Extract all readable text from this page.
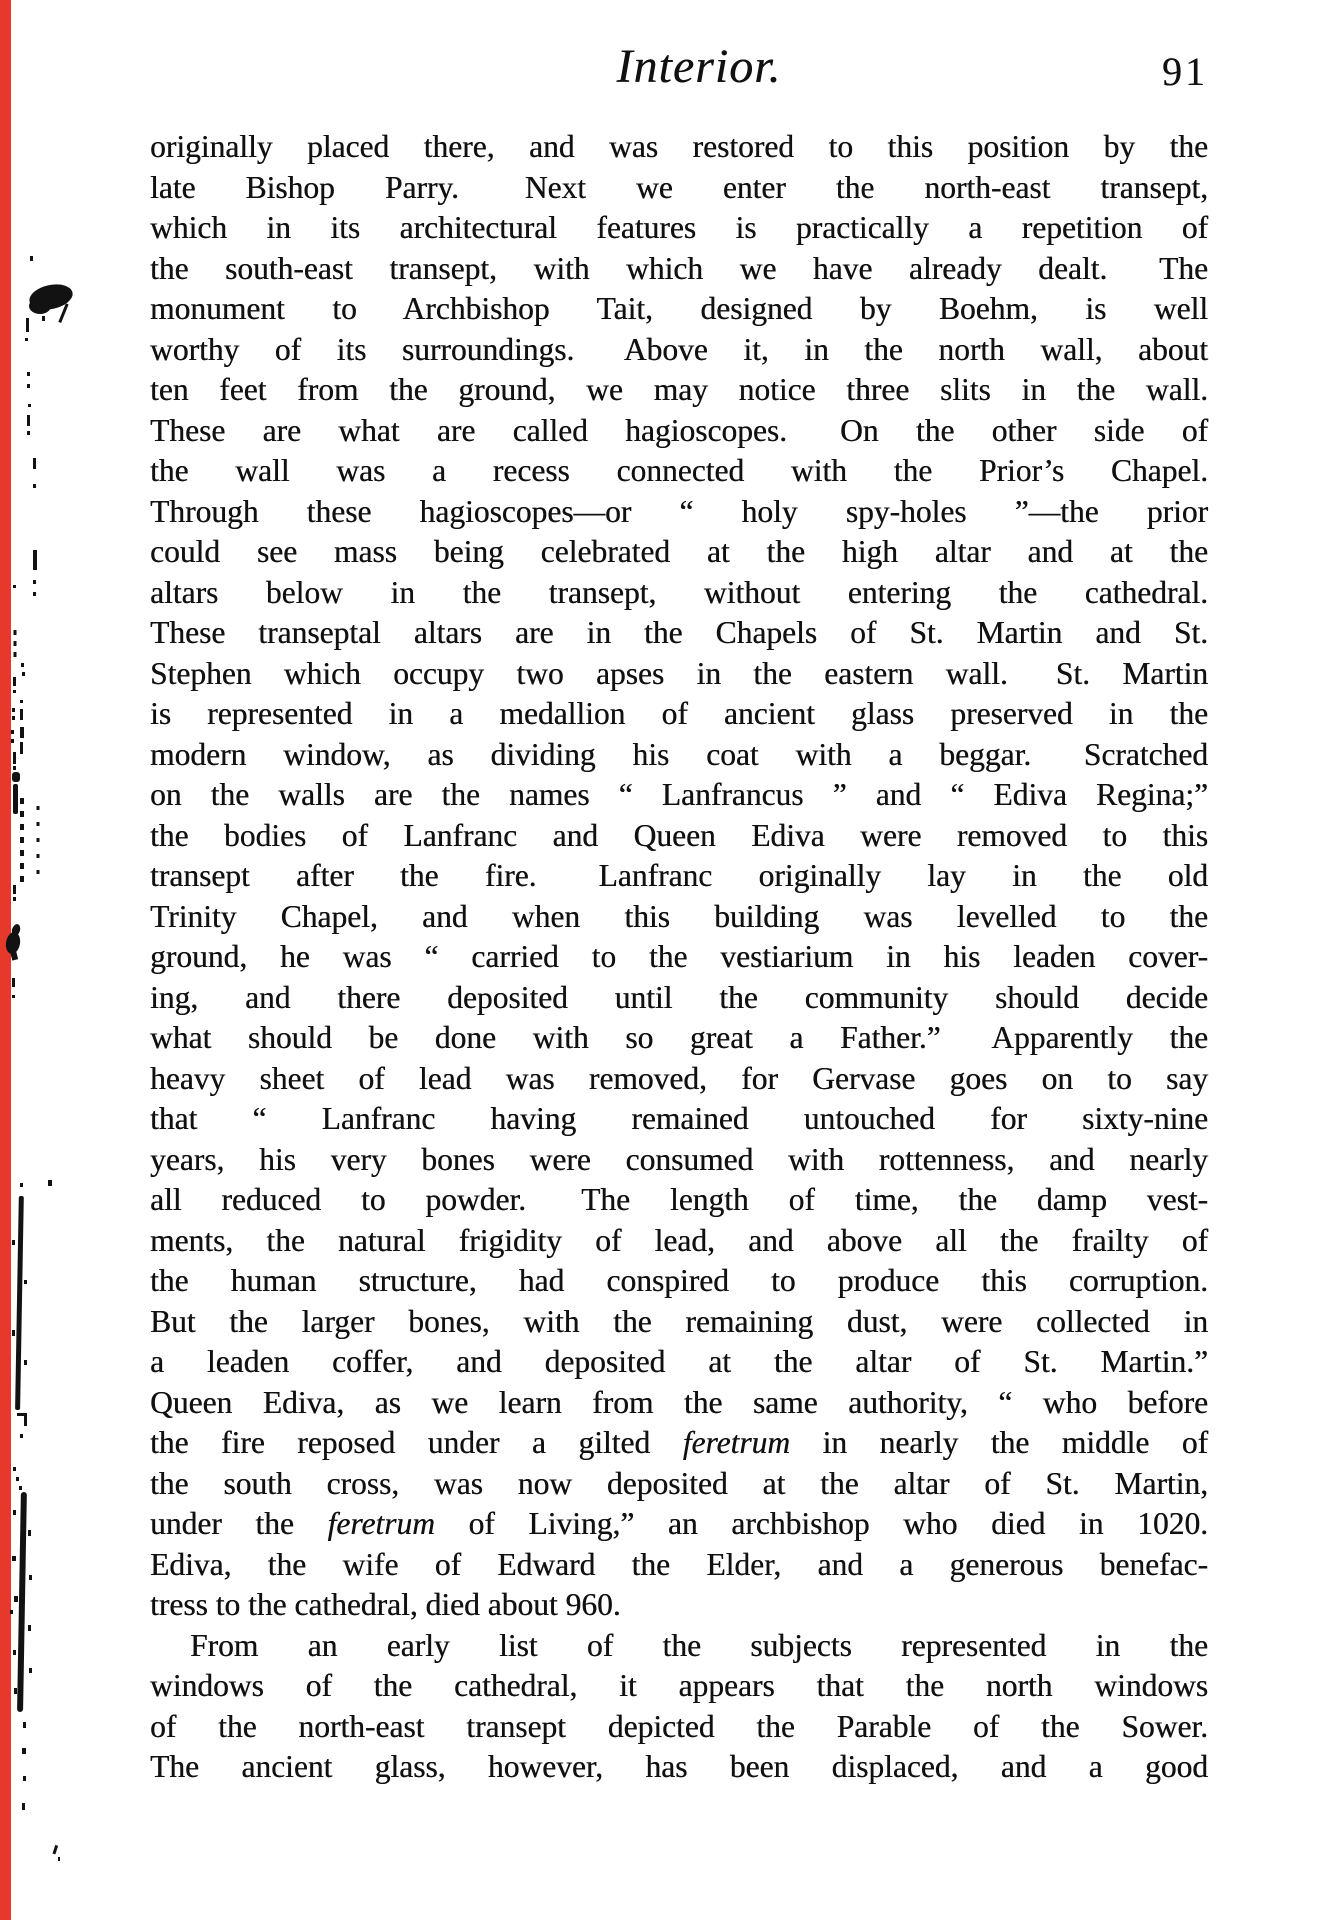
Interior.	91

originally placed there, and was restored to this position by the

late Bishop Parry.  Next we enter the north-east transept,

which in its architectural features is practically a repetition of

the south-east transept, with which we have already dealt.  The

monument to Archbishop Tait, designed by Boehm, is well

worthy of its surroundings.  Above it, in the north wall, about

ten feet from the ground, we may notice three slits in the wall.

These are what are called hagioscopes.  On the other side of

the wall was a recess connected with the Prior’s Chapel.

Through these hagioscopes—or “ holy spy-holes ”—the prior

could see mass being celebrated at the high altar and at the

altars below in the transept, without entering the cathedral.

These transeptal altars are in the Chapels of St. Martin and St.

Stephen which occupy two apses in the eastern wall.  St. Martin

is represented in a medallion of ancient glass preserved in the

modern window, as dividing his coat with a beggar.  Scratched

on the walls are the names “ Lanfrancus ” and “ Ediva Regina;”

the bodies of Lanfranc and Queen Ediva were removed to this

transept after the fire.  Lanfranc originally lay in the old

Trinity Chapel, and when this building was levelled to the

ground, he was “ carried to the vestiarium in his leaden cover-

ing, and there deposited until the community should decide

what should be done with so great a Father.”  Apparently the

heavy sheet of lead was removed, for Gervase goes on to say

that “ Lanfranc having remained untouched for sixty-nine

years, his very bones were consumed with rottenness, and nearly

all reduced to powder.  The length of time, the damp vest-

ments, the natural frigidity of lead, and above all the frailty of

the human structure, had conspired to produce this corruption.

But the larger bones, with the remaining dust, were collected in

a leaden coffer, and deposited at the altar of St. Martin.”

Queen Ediva, as we learn from the same authority, “ who before

the fire reposed under a gilted feretrum in nearly the middle of

the south cross, was now deposited at the altar of St. Martin,

under the feretrum of Living,” an archbishop who died in 1020.

Ediva, the wife of Edward the Elder, and a generous benefac-

tress to the cathedral, died about 960.

From an early list of the subjects represented in the

windows of the cathedral, it appears that the north windows

of the north-east transept depicted the Parable of the Sower.

The ancient glass, however, has been displaced, and a good
